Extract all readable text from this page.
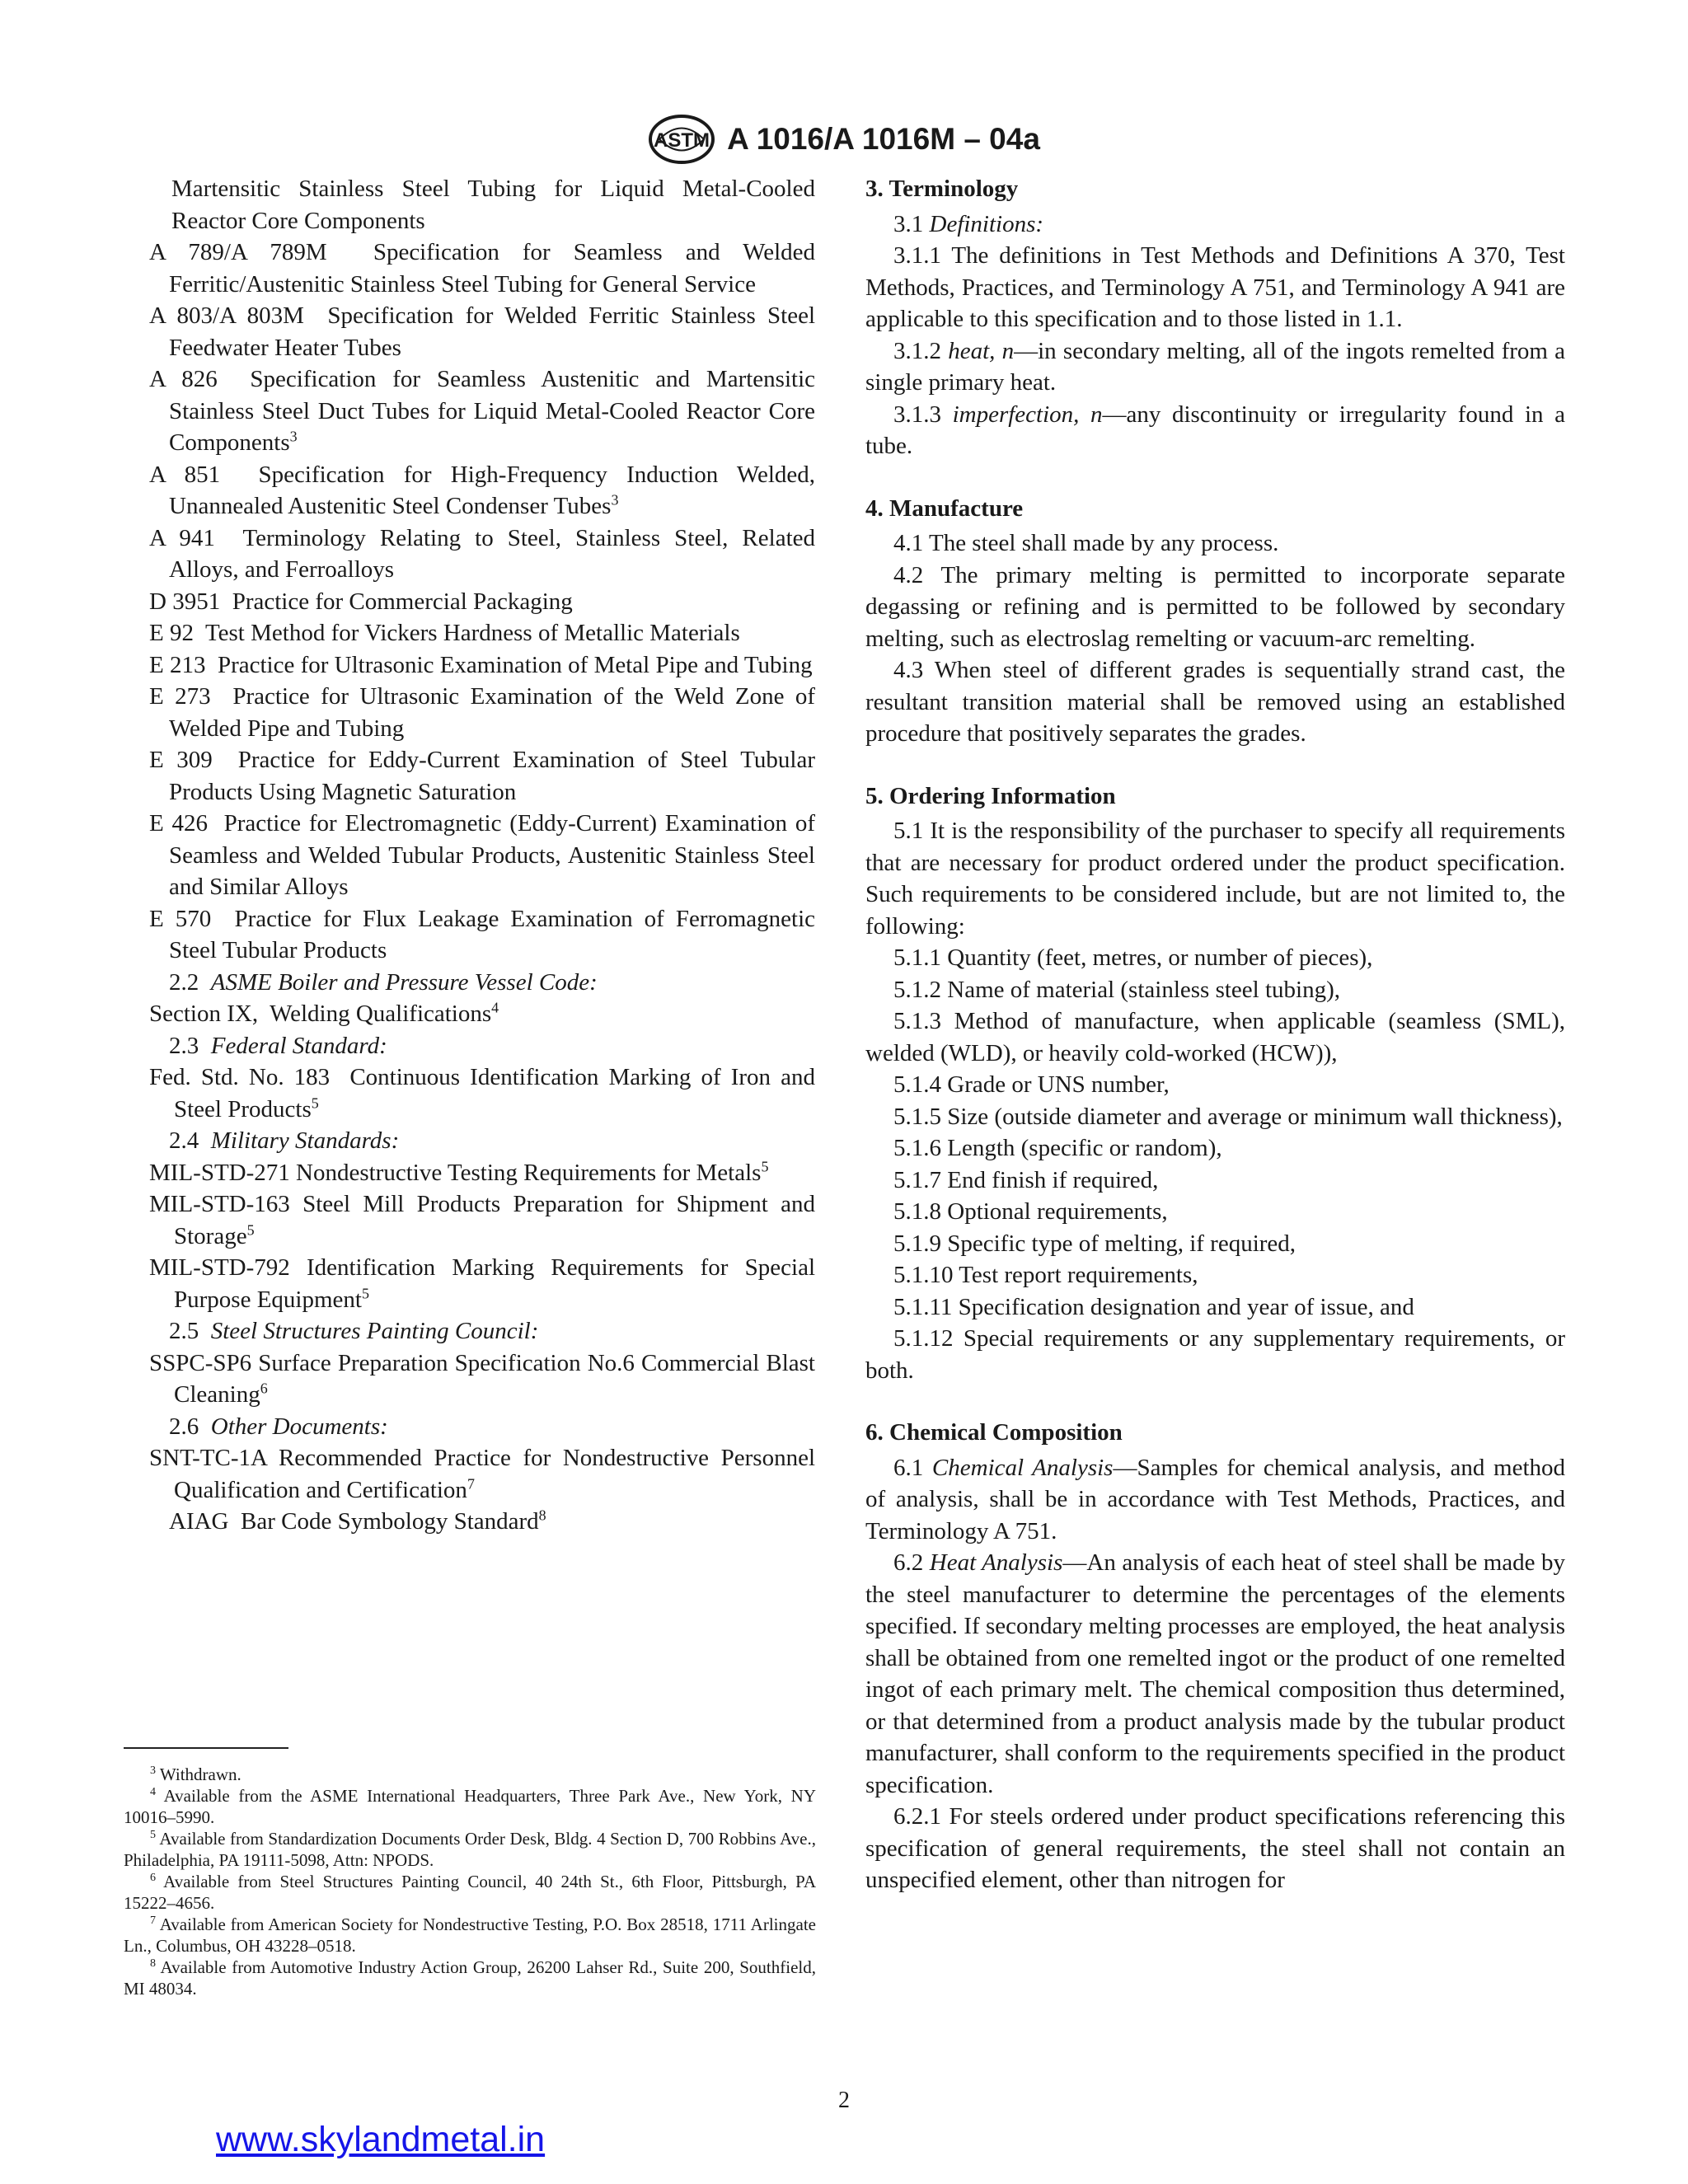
ASTM A 1016/A 1016M – 04a

Martensitic Stainless Steel Tubing for Liquid Metal-Cooled Reactor Core Components

A 789/A 789M Specification for Seamless and Welded Ferritic/Austenitic Stainless Steel Tubing for General Service

A 803/A 803M Specification for Welded Ferritic Stainless Steel Feedwater Heater Tubes

A 826 Specification for Seamless Austenitic and Martensitic Stainless Steel Duct Tubes for Liquid Metal-Cooled Reactor Core Components$^3$

A 851 Specification for High-Frequency Induction Welded, Unannealed Austenitic Steel Condenser Tubes$^3$

A 941 Terminology Relating to Steel, Stainless Steel, Related Alloys, and Ferroalloys

D 3951 Practice for Commercial Packaging

E 92 Test Method for Vickers Hardness of Metallic Materials

E 213 Practice for Ultrasonic Examination of Metal Pipe and Tubing

E 273 Practice for Ultrasonic Examination of the Weld Zone of Welded Pipe and Tubing

E 309 Practice for Eddy-Current Examination of Steel Tubular Products Using Magnetic Saturation

E 426 Practice for Electromagnetic (Eddy-Current) Examination of Seamless and Welded Tubular Products, Austenitic Stainless Steel and Similar Alloys

E 570 Practice for Flux Leakage Examination of Ferromagnetic Steel Tubular Products

2.2 ASME Boiler and Pressure Vessel Code:

Section IX, Welding Qualifications$^4$

2.3 Federal Standard:

Fed. Std. No. 183 Continuous Identification Marking of Iron and Steel Products$^5$

2.4 Military Standards:

MIL-STD-271 Nondestructive Testing Requirements for Metals$^5$

MIL-STD-163 Steel Mill Products Preparation for Shipment and Storage$^5$

MIL-STD-792 Identification Marking Requirements for Special Purpose Equipment$^5$

2.5 Steel Structures Painting Council:

SSPC-SP6 Surface Preparation Specification No.6 Commercial Blast Cleaning$^6$

2.6 Other Documents:

SNT-TC-1A Recommended Practice for Nondestructive Personnel Qualification and Certification$^7$

AIAG Bar Code Symbology Standard$^8$

$^3$ Withdrawn.

$^4$ Available from the ASME International Headquarters, Three Park Ave., New York, NY 10016–5990.

$^5$ Available from Standardization Documents Order Desk, Bldg. 4 Section D, 700 Robbins Ave., Philadelphia, PA 19111-5098, Attn: NPODS.

$^6$ Available from Steel Structures Painting Council, 40 24th St., 6th Floor, Pittsburgh, PA 15222–4656.

$^7$ Available from American Society for Nondestructive Testing, P.O. Box 28518, 1711 Arlingate Ln., Columbus, OH 43228–0518.

$^8$ Available from Automotive Industry Action Group, 26200 Lahser Rd., Suite 200, Southfield, MI 48034.

3. Terminology

3.1 Definitions:

3.1.1 The definitions in Test Methods and Definitions A 370, Test Methods, Practices, and Terminology A 751, and Terminology A 941 are applicable to this specification and to those listed in 1.1.

3.1.2 heat, n—in secondary melting, all of the ingots remelted from a single primary heat.

3.1.3 imperfection, n—any discontinuity or irregularity found in a tube.

4. Manufacture

4.1 The steel shall made by any process.

4.2 The primary melting is permitted to incorporate separate degassing or refining and is permitted to be followed by secondary melting, such as electroslag remelting or vacuum-arc remelting.

4.3 When steel of different grades is sequentially strand cast, the resultant transition material shall be removed using an established procedure that positively separates the grades.

5. Ordering Information

5.1 It is the responsibility of the purchaser to specify all requirements that are necessary for product ordered under the product specification. Such requirements to be considered include, but are not limited to, the following:

5.1.1 Quantity (feet, metres, or number of pieces),

5.1.2 Name of material (stainless steel tubing),

5.1.3 Method of manufacture, when applicable (seamless (SML), welded (WLD), or heavily cold-worked (HCW)),

5.1.4 Grade or UNS number,

5.1.5 Size (outside diameter and average or minimum wall thickness),

5.1.6 Length (specific or random),

5.1.7 End finish if required,

5.1.8 Optional requirements,

5.1.9 Specific type of melting, if required,

5.1.10 Test report requirements,

5.1.11 Specification designation and year of issue, and

5.1.12 Special requirements or any supplementary requirements, or both.

6. Chemical Composition

6.1 Chemical Analysis—Samples for chemical analysis, and method of analysis, shall be in accordance with Test Methods, Practices, and Terminology A 751.

6.2 Heat Analysis—An analysis of each heat of steel shall be made by the steel manufacturer to determine the percentages of the elements specified. If secondary melting processes are employed, the heat analysis shall be obtained from one remelted ingot or the product of one remelted ingot of each primary melt. The chemical composition thus determined, or that determined from a product analysis made by the tubular product manufacturer, shall conform to the requirements specified in the product specification.

6.2.1 For steels ordered under product specifications referencing this specification of general requirements, the steel shall not contain an unspecified element, other than nitrogen for

2
www.skylandmetal.in
